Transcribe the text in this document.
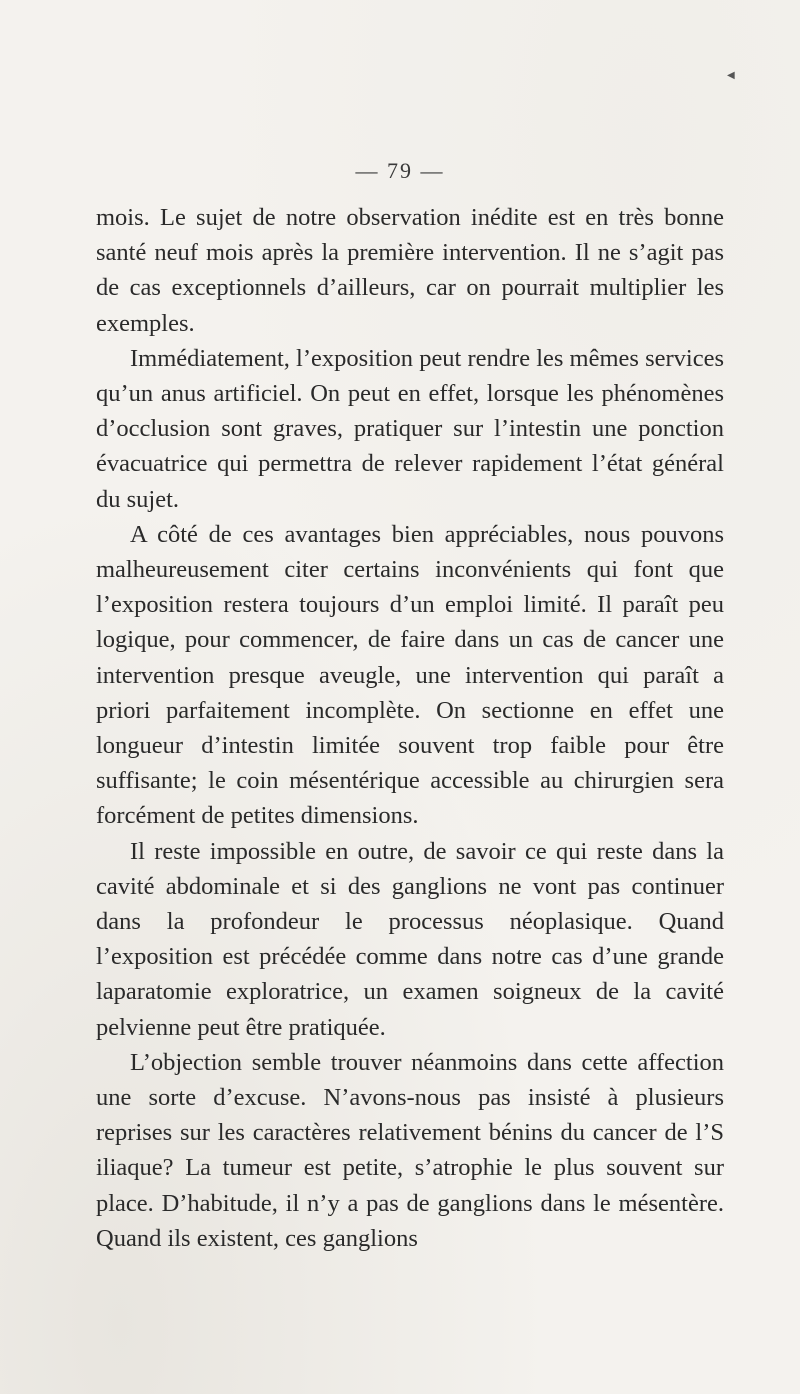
◀
— 79 —

mois. Le sujet de notre observation inédite est en très bonne santé neuf mois après la première intervention. Il ne s’agit pas de cas exceptionnels d’ailleurs, car on pourrait multiplier les exemples.

Immédiatement, l’exposition peut rendre les mêmes services qu’un anus artificiel. On peut en effet, lorsque les phénomènes d’occlusion sont graves, pratiquer sur l’intestin une ponction évacuatrice qui permettra de relever rapidement l’état général du sujet.

A côté de ces avantages bien appréciables, nous pouvons malheureusement citer certains inconvénients qui font que l’exposition restera toujours d’un emploi limité. Il paraît peu logique, pour commencer, de faire dans un cas de cancer une intervention presque aveugle, une intervention qui paraît a priori parfaitement incomplète. On sectionne en effet une longueur d’intestin limitée souvent trop faible pour être suffisante; le coin mésentérique accessible au chirurgien sera forcément de petites dimensions.

Il reste impossible en outre, de savoir ce qui reste dans la cavité abdominale et si des ganglions ne vont pas continuer dans la profondeur le processus néoplasique. Quand l’exposition est précédée comme dans notre cas d’une grande laparatomie exploratrice, un examen soigneux de la cavité pelvienne peut être pratiquée.

L’objection semble trouver néanmoins dans cette affection une sorte d’excuse. N’avons-nous pas insisté à plusieurs reprises sur les caractères relativement bénins du cancer de l’S iliaque? La tumeur est petite, s’atrophie le plus souvent sur place. D’habitude, il n’y a pas de ganglions dans le mésentère. Quand ils existent, ces ganglions
